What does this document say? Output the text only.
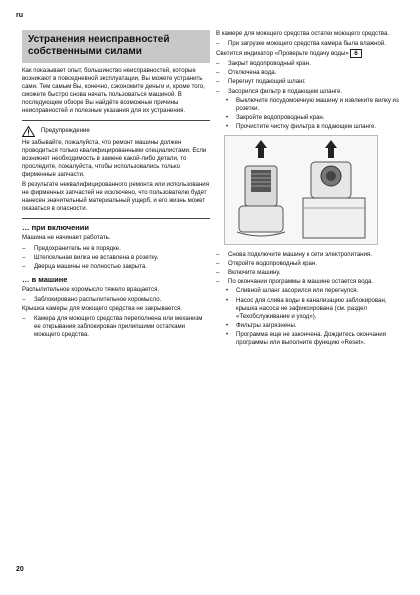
ru
Устранения неисправностей собственными силами

Как показывает опыт, большинство неисправностей, которые возникают в повседневной эксплуатации, Вы можете устранить сами. Тем самым Вы, конечно, сэкономите деньги и, кроме того, сможете быстро снова начать пользоваться машиной. В последующем обзоре Вы найдёте возможные причины неисправностей и полезные указания для их устранения.

Предупреждение

Не забывайте, пожалуйста, что ремонт машины должен проводиться только квалифицированными специалистами. Если возникнет необходимость в замене какой-либо детали, то проследите, пожалуйста, чтобы использовались только фирменные запчасти.

В результате неквалифицированного ремонта или использования не фирменных запчастей не исключено, что пользователю будет нанесен значительный материальный ущерб, и его жизнь может оказаться в опасности.

… при включении

Машина не начинает работать.

–	Предохранитель не в порядке.
–	Штепсельная вилка не вставлена в розетку.
–	Дверца машины не полностью закрыта.
… в машине

Распылительное коромысло тяжело вращается.

–	Заблокировано распылительное коромысло.

Крышка камеры для моющего средства не закрывается.

–	Камера для моющего средства переполнена или механизм ее открывания заблокирован прилипшими остатками моющего средства.

В камере для моющего средства остатки моющего средства.

–	При загрузке моющего средства камера была влажной.

Светится индикатор «Проверьте подачу воды» 6

–	Закрыт водопроводный кран.
–	Отключена вода.
–	Перегнут подающий шланг.
–	Засорился фильтр в подающем шланге.
•	Выключите посудомоечную машину и извлеките вилку из розетки.
•	Закройте водопроводный кран.
•	Прочистите чистку фильтра в подающем шланге.
–	Снова подключите машину к сети электропитания.
–	Откройте водопроводный кран.
–	Включите машину.
–	По окончании программы в машине остается вода.
•	Сливной шланг засорился или перегнулся.
•	Насос для слива воды в канализацию заблокирован, крышка насоса не зафиксирована (см. раздел «Техобслуживание и уход»).
•	Фильтры загрязнены.
•	Программа еще не закончена. Дождитесь окончания программы или выполните функцию «Reset».
20
